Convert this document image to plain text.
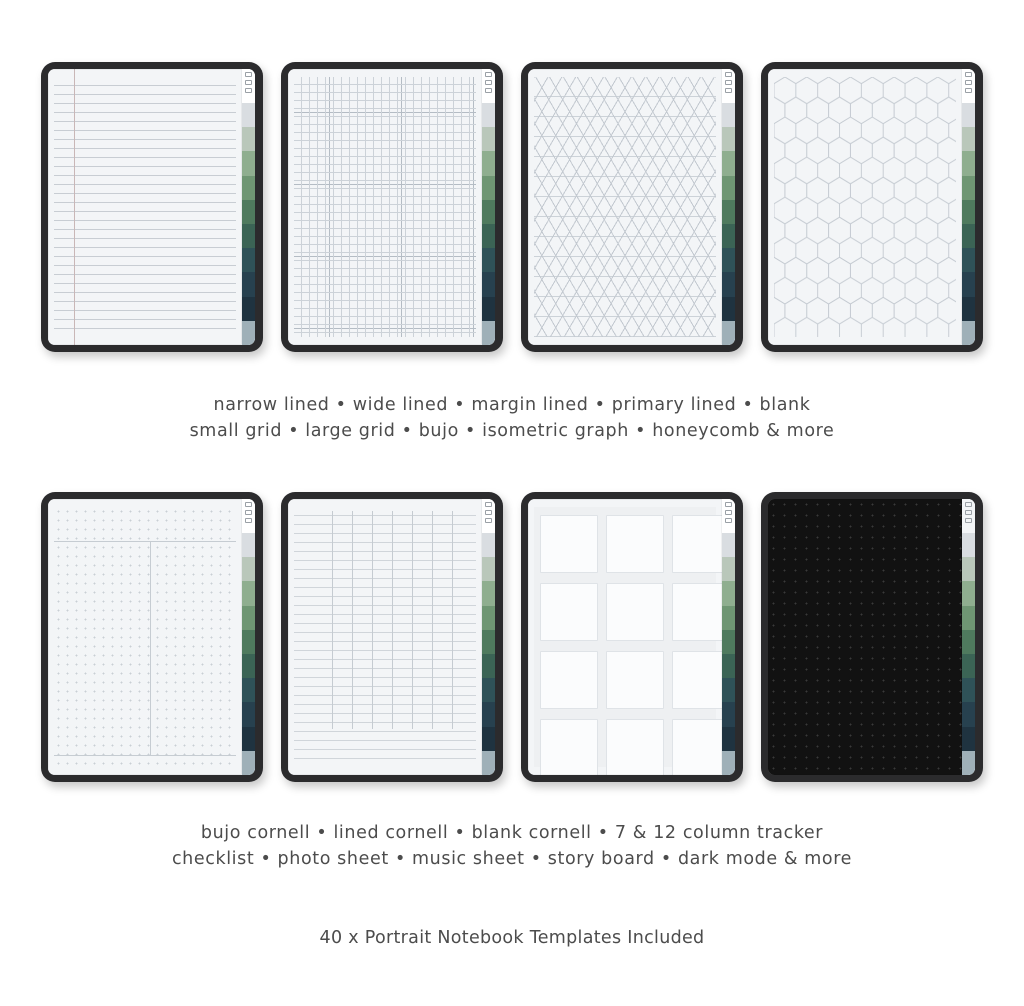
narrow lined • wide lined • margin lined • primary lined • blank
small grid • large grid • bujo • isometric graph • honeycomb & more
bujo cornell • lined cornell • blank cornell • 7 & 12 column tracker
checklist • photo sheet • music sheet • story board • dark mode & more
40 x Portrait Notebook Templates Included
